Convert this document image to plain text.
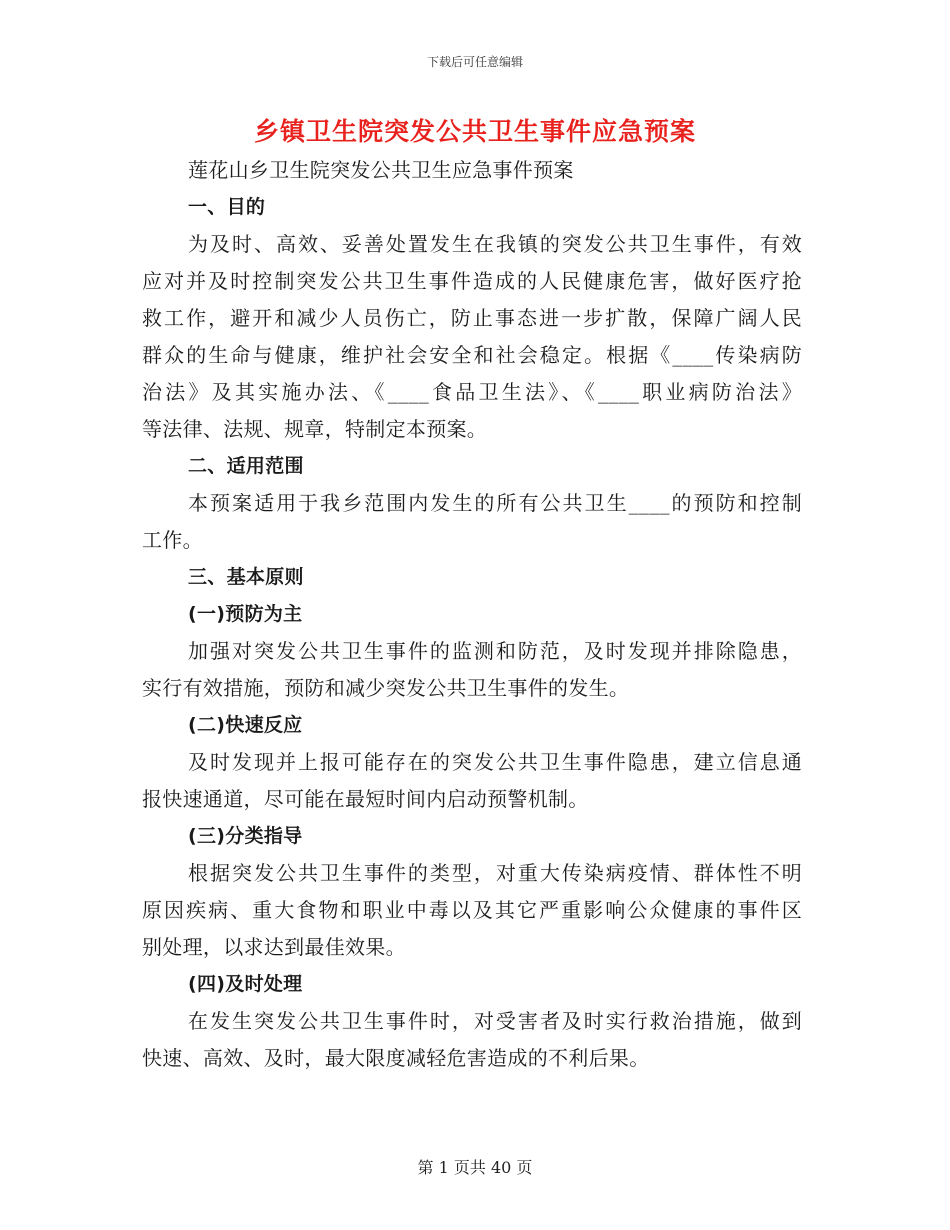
下载后可任意编辑
乡镇卫生院突发公共卫生事件应急预案
莲花山乡卫生院突发公共卫生应急事件预案
一、目的
为及时、高效、妥善处置发生在我镇的突发公共卫生事件，有效
应对并及时控制突发公共卫生事件造成的人民健康危害，做好医疗抢
救工作，避开和减少人员伤亡，防止事态进一步扩散，保障广阔人民
群众的生命与健康，维护社会安全和社会稳定。根据《____传染病防
治法》及其实施办法、《____食品卫生法》、《____职业病防治法》
等法律、法规、规章，特制定本预案。
二、适用范围
本预案适用于我乡范围内发生的所有公共卫生____的预防和控制
工作。
三、基本原则
(一)预防为主
加强对突发公共卫生事件的监测和防范，及时发现并排除隐患，
实行有效措施，预防和减少突发公共卫生事件的发生。
(二)快速反应
及时发现并上报可能存在的突发公共卫生事件隐患，建立信息通
报快速通道，尽可能在最短时间内启动预警机制。
(三)分类指导
根据突发公共卫生事件的类型，对重大传染病疫情、群体性不明
原因疾病、重大食物和职业中毒以及其它严重影响公众健康的事件区
别处理，以求达到最佳效果。
(四)及时处理
在发生突发公共卫生事件时，对受害者及时实行救治措施，做到
快速、高效、及时，最大限度减轻危害造成的不利后果。
第 1 页共 40 页
